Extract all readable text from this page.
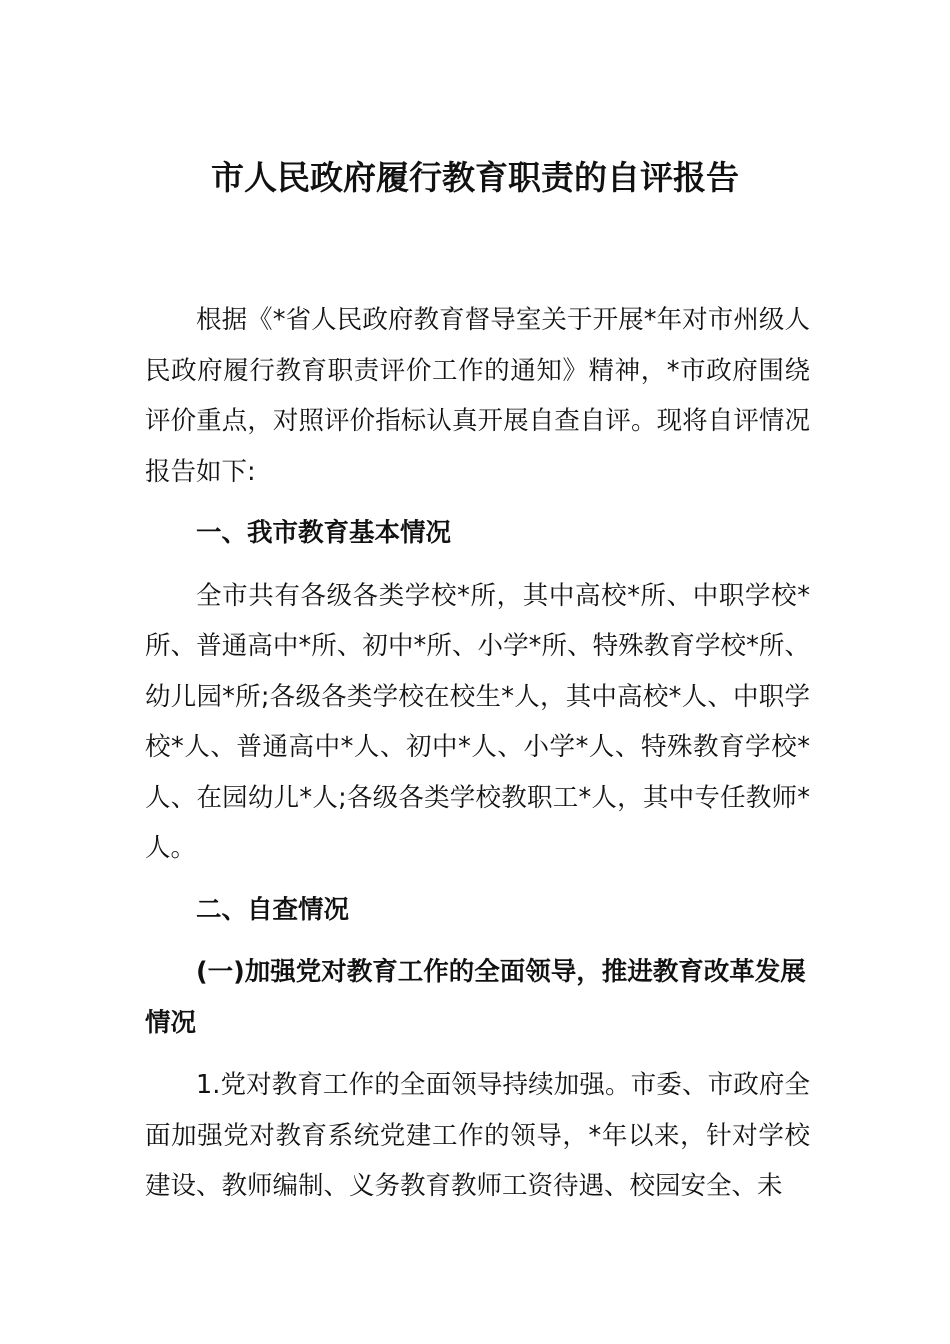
市人民政府履行教育职责的自评报告

根据《*省人民政府教育督导室关于开展*年对市州级人民政府履行教育职责评价工作的通知》精神，*市政府围绕评价重点，对照评价指标认真开展自查自评。现将自评情况报告如下:

一、我市教育基本情况

全市共有各级各类学校*所，其中高校*所、中职学校*所、普通高中*所、初中*所、小学*所、特殊教育学校*所、幼儿园*所;各级各类学校在校生*人，其中高校*人、中职学校*人、普通高中*人、初中*人、小学*人、特殊教育学校*人、在园幼儿*人;各级各类学校教职工*人，其中专任教师*人。

二、自查情况

(一)加强党对教育工作的全面领导，推进教育改革发展情况

1.党对教育工作的全面领导持续加强。市委、市政府全面加强党对教育系统党建工作的领导，*年以来，针对学校建设、教师编制、义务教育教师工资待遇、校园安全、未
